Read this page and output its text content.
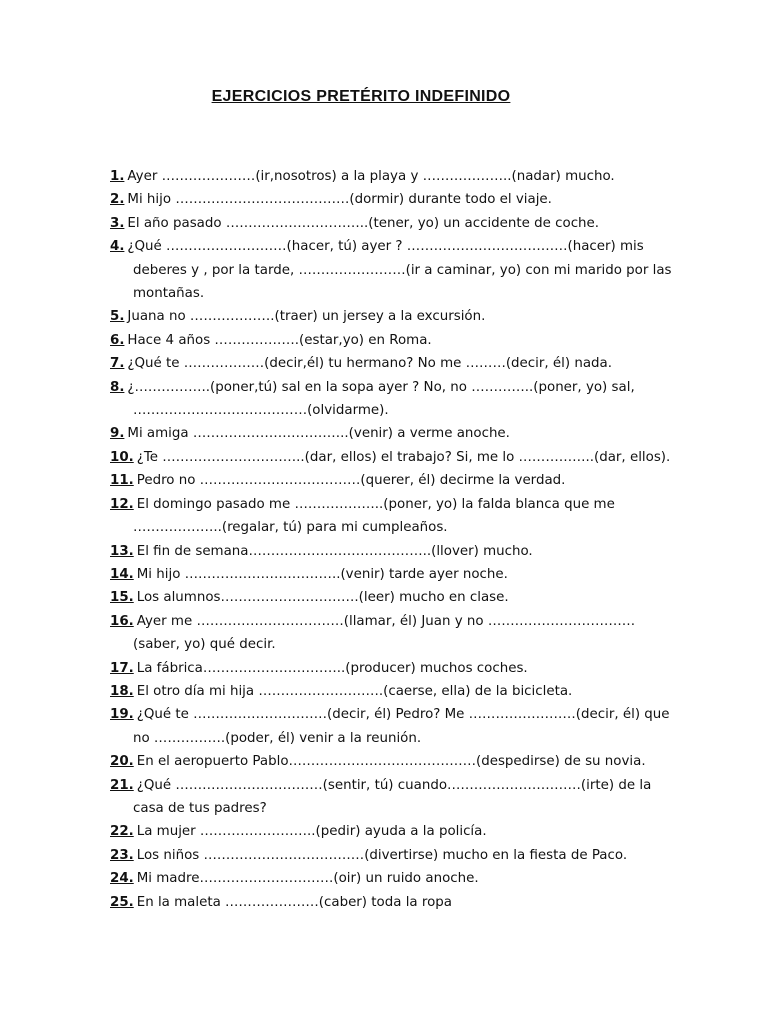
EJERCICIOS PRETÉRITO INDEFINIDO
1. Ayer …………………(ir,nosotros) a la playa y ………………..(nadar) mucho.
2. Mi hijo …………………………………(dormir) durante todo el viaje.
3. El año pasado …………………………..(tener, yo) un accidente de coche.
4. ¿Qué ………………………(hacer, tú) ayer ? ………………………………(hacer) mis deberes y , por la tarde, ……………………(ir a caminar, yo) con mi marido por las montañas.
5. Juana no ……………….(traer) un jersey a la excursión.
6. Hace 4 años ……………….(estar,yo) en Roma.
7. ¿Qué te ………………(decir,él) tu hermano? No me ………(decir, él) nada.
8. ¿……………..(poner,tú) sal en la sopa ayer ? No, no …………..(poner, yo) sal, …………………………………(olvidarme).
9. Mi amiga ……………………………..(venir) a verme anoche.
10. ¿Te …………………………..(dar, ellos) el trabajo? Si, me lo ……………..(dar, ellos).
11. Pedro no ………………………………(querer, él) decirme la verdad.
12. El domingo pasado me ………………..(poner, yo) la falda blanca que me ………………..(regalar, tú) para mi cumpleaños.
13. El fin de semana…………………………………..(llover) mucho.
14. Mi hijo ……………………………..(venir) tarde ayer noche.
15. Los alumnos………………………….(leer) mucho en clase.
16. Ayer me ……………………………(llamar, él) Juan y no ……………………………(saber, yo) qué decir.
17. La fábrica…………………………..(producer) muchos coches.
18. El otro día mi hija ……………………….(caerse, ella) de la bicicleta.
19. ¿Qué te …………………………(decir, él) Pedro? Me ……………………(decir, él) que no …………….(poder, él) venir a la reunión.
20. En el aeropuerto Pablo……………………………………(despedirse) de su novia.
21. ¿Qué ……………………………(sentir, tú) cuando…………………………(irte) de la casa de tus padres?
22. La mujer ……………………..(pedir) ayuda a la policía.
23. Los niños ………………………………(divertirse) mucho en la fiesta de Paco.
24. Mi madre…………………………(oir) un ruido anoche.
25. En la maleta …………………(caber) toda la ropa
